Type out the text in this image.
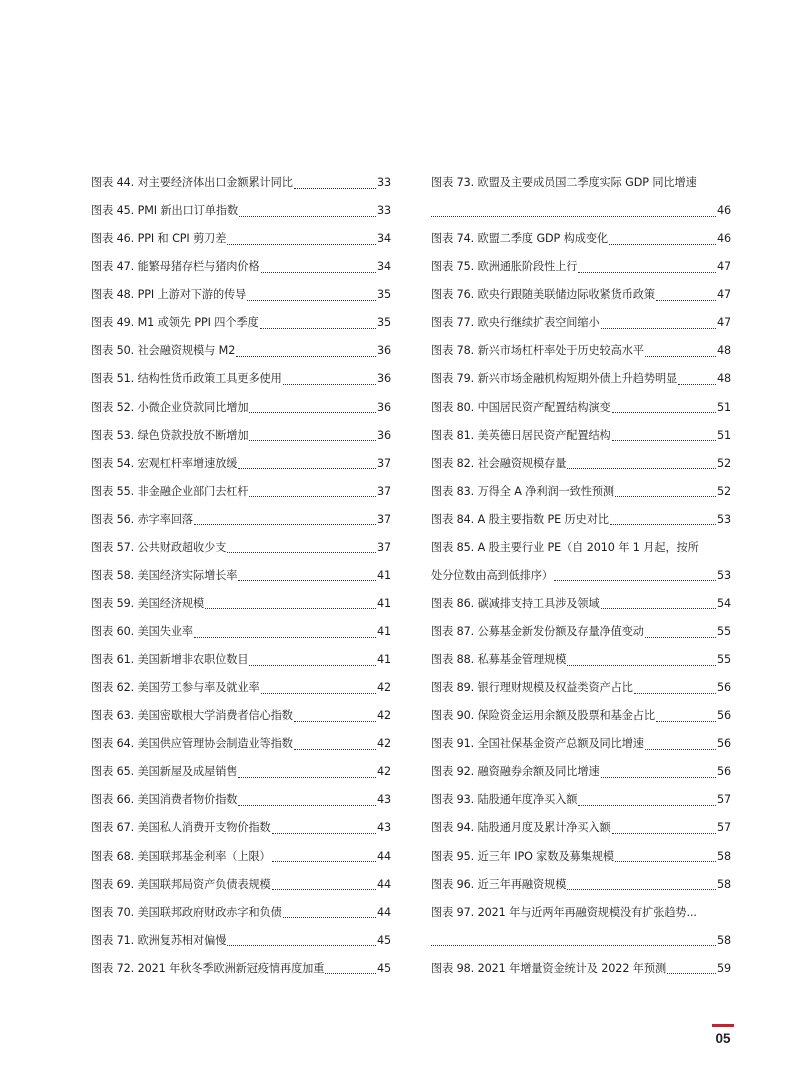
图表 44. 对主要经济体出口金额累计同比	33
图表 45. PMI 新出口订单指数	33
图表 46. PPI 和 CPI 剪刀差	34
图表 47. 能繁母猪存栏与猪肉价格	34
图表 48. PPI 上游对下游的传导	35
图表 49. M1 或领先 PPI 四个季度	35
图表 50. 社会融资规模与 M2	36
图表 51. 结构性货币政策工具更多使用	36
图表 52. 小微企业贷款同比增加	36
图表 53. 绿色贷款投放不断增加	36
图表 54. 宏观杠杆率增速放缓	37
图表 55. 非金融企业部门去杠杆	37
图表 56. 赤字率回落	37
图表 57. 公共财政超收少支	37
图表 58. 美国经济实际增长率	41
图表 59. 美国经济规模	41
图表 60. 美国失业率	41
图表 61. 美国新增非农职位数目	41
图表 62. 美国劳工参与率及就业率	42
图表 63. 美国密歇根大学消费者信心指数	42
图表 64. 美国供应管理协会制造业等指数	42
图表 65. 美国新屋及成屋销售	42
图表 66. 美国消费者物价指数	43
图表 67. 美国私人消费开支物价指数	43
图表 68. 美国联邦基金利率（上限）	44
图表 69. 美国联邦局资产负债表规模	44
图表 70. 美国联邦政府财政赤字和负债	44
图表 71. 欧洲复苏相对偏慢	45
图表 72. 2021 年秋冬季欧洲新冠疫情再度加重	45
图表 73. 欧盟及主要成员国二季度实际 GDP 同比增速
46
图表 74. 欧盟二季度 GDP 构成变化	46
图表 75. 欧洲通胀阶段性上行	47
图表 76. 欧央行跟随美联储边际收紧货币政策	47
图表 77. 欧央行继续扩表空间缩小	47
图表 78. 新兴市场杠杆率处于历史较高水平	48
图表 79. 新兴市场金融机构短期外债上升趋势明显	48
图表 80. 中国居民资产配置结构演变	51
图表 81. 美英德日居民资产配置结构	51
图表 82. 社会融资规模存量	52
图表 83. 万得全 A 净利润一致性预测	52
图表 84. A 股主要指数 PE 历史对比	53
图表 85. A 股主要行业 PE（自 2010 年 1 月起，按所
处分位数由高到低排序）	53
图表 86. 碳减排支持工具涉及领域	54
图表 87. 公募基金新发份额及存量净值变动	55
图表 88. 私募基金管理规模	55
图表 89. 银行理财规模及权益类资产占比	56
图表 90. 保险资金运用余额及股票和基金占比	56
图表 91. 全国社保基金资产总额及同比增速	56
图表 92. 融资融券余额及同比增速	56
图表 93. 陆股通年度净买入额	57
图表 94. 陆股通月度及累计净买入额	57
图表 95. 近三年 IPO 家数及募集规模	58
图表 96. 近三年再融资规模	58
图表 97. 2021 年与近两年再融资规模没有扩张趋势...
58
图表 98. 2021 年增量资金统计及 2022 年预测	59
05
